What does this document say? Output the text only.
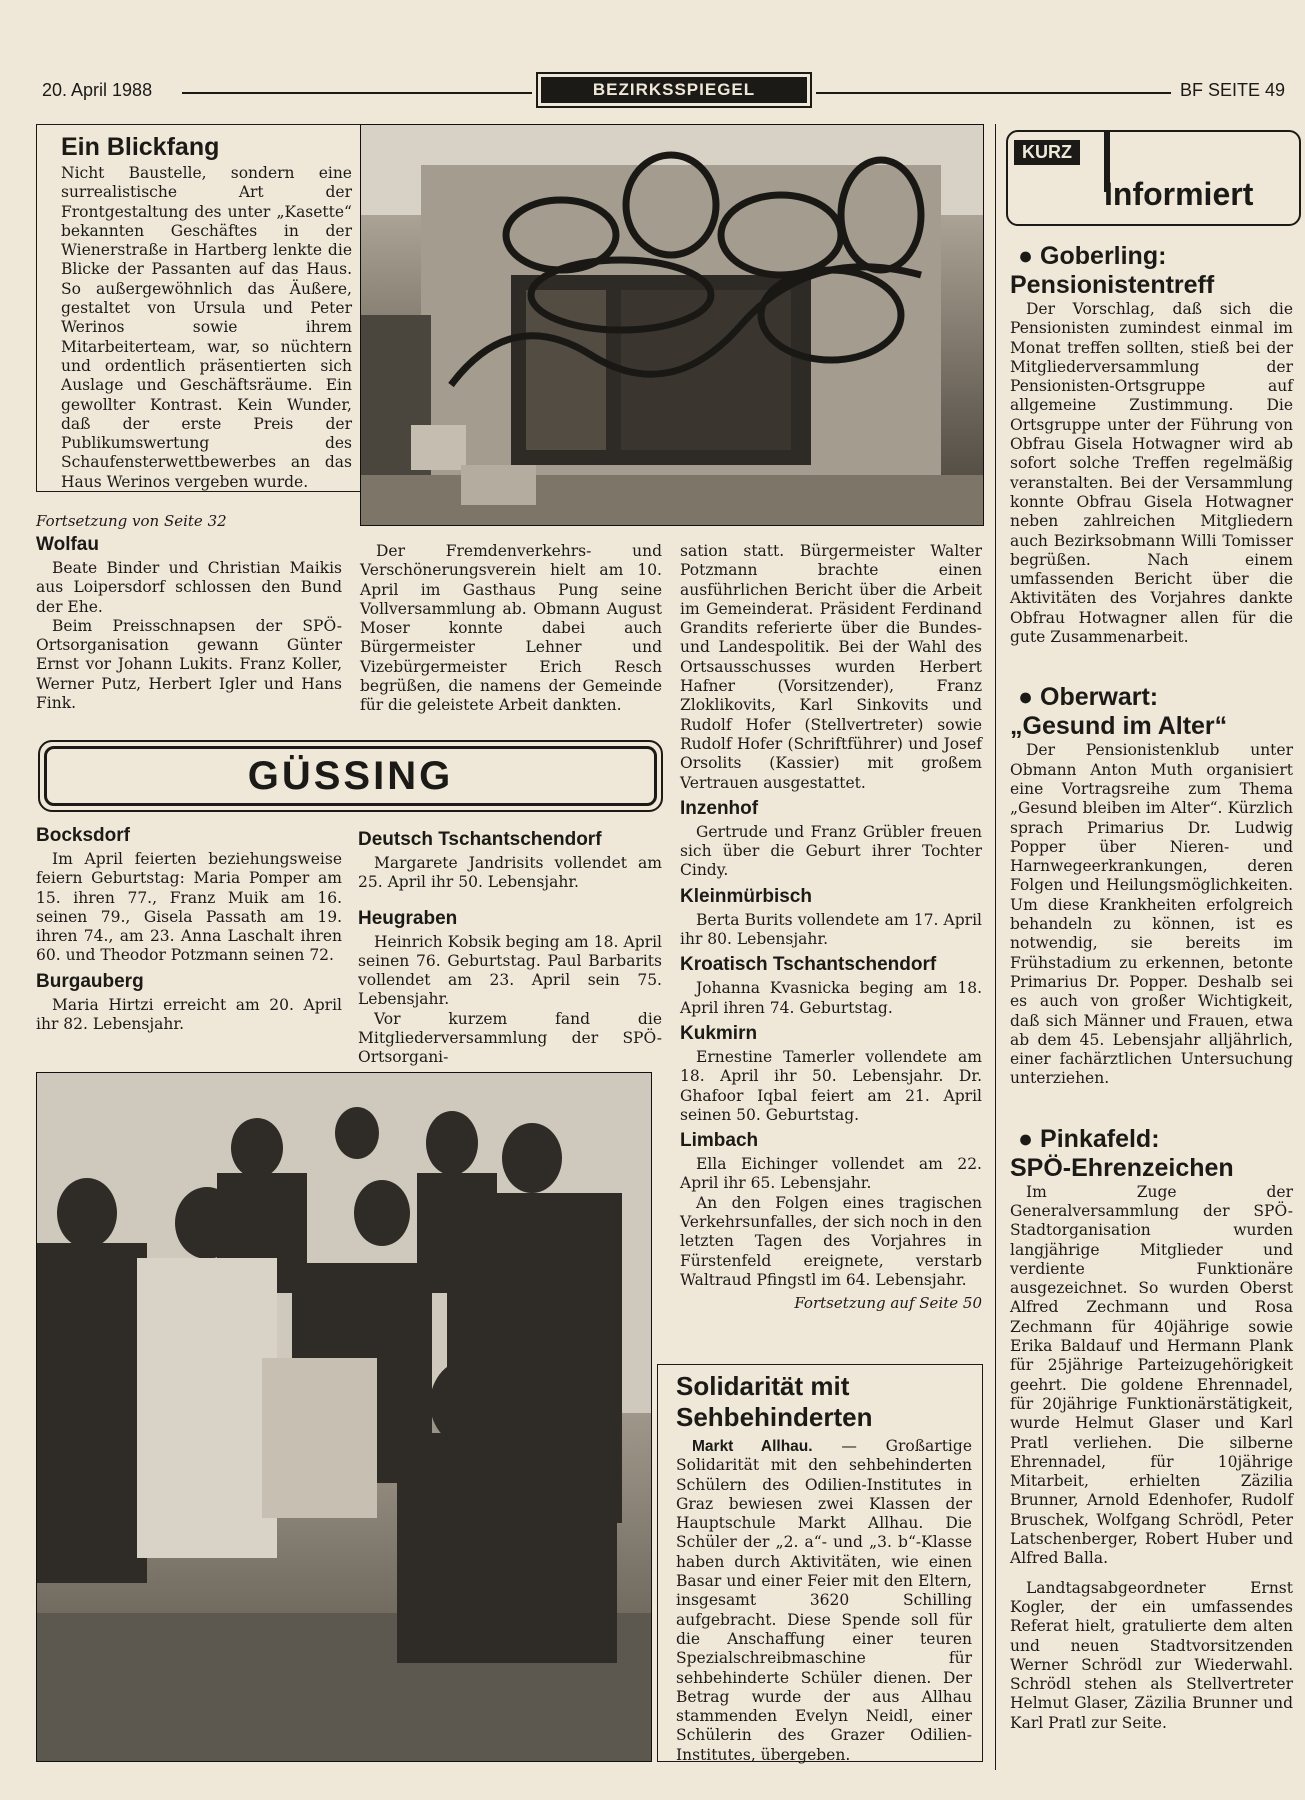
20. April 1988	BEZIRKSSPIEGEL	BF SEITE 49
Ein Blickfang
Nicht Baustelle, sondern eine surrealistische Art der Frontgestaltung des unter „Kasette“ bekannten Geschäftes in der Wienerstraße in Hartberg lenkte die Blicke der Passanten auf das Haus. So außergewöhnlich das Äußere, gestaltet von Ursula und Peter Werinos sowie ihrem Mitarbeiterteam, war, so nüchtern und ordentlich präsentierten sich Auslage und Geschäftsräume. Ein gewollter Kontrast. Kein Wunder, daß der erste Preis der Publikumswertung des Schaufensterwettbewerbes an das Haus Werinos vergeben wurde.
Fortsetzung von Seite 32
Wolfau

Beate Binder und Christian Maikis aus Loipersdorf schlossen den Bund der Ehe.

Beim Preisschnapsen der SPÖ-Ortsorganisation gewann Günter Ernst vor Johann Lukits. Franz Koller, Werner Putz, Herbert Igler und Hans Fink.

Der Fremdenverkehrs- und Verschönerungsverein hielt am 10. April im Gasthaus Pung seine Vollversammlung ab. Obmann August Moser konnte dabei auch Bürgermeister Lehner und Vizebürgermeister Erich Resch begrüßen, die namens der Gemeinde für die geleistete Arbeit dankten.

GÜSSING
Bocksdorf

Im April feierten beziehungsweise feiern Geburtstag: Maria Pomper am 15. ihren 77., Franz Muik am 16. seinen 79., Gisela Passath am 19. ihren 74., am 23. Anna Laschalt ihren 60. und Theodor Potzmann seinen 72.

Burgauberg

Maria Hirtzi erreicht am 20. April ihr 82. Lebensjahr.

Deutsch Tschantschendorf

Margarete Jandrisits vollendet am 25. April ihr 50. Lebensjahr.

Heugraben

Heinrich Kobsik beging am 18. April seinen 76. Geburtstag. Paul Barbarits vollendet am 23. April sein 75. Lebensjahr.

Vor kurzem fand die Mitgliederversammlung der SPÖ-Ortsorgani-

sation statt. Bürgermeister Walter Potzmann brachte einen ausführlichen Bericht über die Arbeit im Gemeinderat. Präsident Ferdinand Grandits referierte über die Bundes- und Landespolitik. Bei der Wahl des Ortsausschusses wurden Herbert Hafner (Vorsitzender), Franz Zloklikovits, Karl Sinkovits und Rudolf Hofer (Stellvertreter) sowie Rudolf Hofer (Schriftführer) und Josef Orsolits (Kassier) mit großem Vertrauen ausgestattet.

Inzenhof

Gertrude und Franz Grübler freuen sich über die Geburt ihrer Tochter Cindy.

Kleinmürbisch

Berta Burits vollendete am 17. April ihr 80. Lebensjahr.

Kroatisch Tschantschendorf

Johanna Kvasnicka beging am 18. April ihren 74. Geburtstag.

Kukmirn

Ernestine Tamerler vollendete am 18. April ihr 50. Lebensjahr. Dr. Ghafoor Iqbal feiert am 21. April seinen 50. Geburtstag.

Limbach

Ella Eichinger vollendet am 22. April ihr 65. Lebensjahr.

An den Folgen eines tragischen Verkehrsunfalles, der sich noch in den letzten Tagen des Vorjahres in Fürstenfeld ereignete, verstarb Waltraud Pfingstl im 64. Lebensjahr.

Fortsetzung auf Seite 50
Solidarität mit Sehbehinderten

Markt Allhau. — Großartige Solidarität mit den sehbehinderten Schülern des Odilien-Institutes in Graz bewiesen zwei Klassen der Hauptschule Markt Allhau. Die Schüler der „2. a“- und „3. b“-Klasse haben durch Aktivitäten, wie einen Basar und einer Feier mit den Eltern, insgesamt 3620 Schilling aufgebracht. Diese Spende soll für die Anschaffung einer teuren Spezialschreibmaschine für sehbehinderte Schüler dienen. Der Betrag wurde der aus Allhau stammenden Evelyn Neidl, einer Schülerin des Grazer Odilien-Institutes, übergeben.

KURZ
Informiert
● Goberling:
Pensionistentreff

Der Vorschlag, daß sich die Pensionisten zumindest einmal im Monat treffen sollten, stieß bei der Mitgliederversammlung der Pensionisten-Ortsgruppe auf allgemeine Zustimmung. Die Ortsgruppe unter der Führung von Obfrau Gisela Hotwagner wird ab sofort solche Treffen regelmäßig veranstalten. Bei der Versammlung konnte Obfrau Gisela Hotwagner neben zahlreichen Mitgliedern auch Bezirksobmann Willi Tomisser begrüßen. Nach einem umfassenden Bericht über die Aktivitäten des Vorjahres dankte Obfrau Hotwagner allen für die gute Zusammenarbeit.

● Oberwart:
„Gesund im Alter“

Der Pensionistenklub unter Obmann Anton Muth organisiert eine Vortragsreihe zum Thema „Gesund bleiben im Alter“. Kürzlich sprach Primarius Dr. Ludwig Popper über Nieren- und Harnwegeerkrankungen, deren Folgen und Heilungsmöglichkeiten. Um diese Krankheiten erfolgreich behandeln zu können, ist es notwendig, sie bereits im Frühstadium zu erkennen, betonte Primarius Dr. Popper. Deshalb sei es auch von großer Wichtigkeit, daß sich Männer und Frauen, etwa ab dem 45. Lebensjahr alljährlich, einer fachärztlichen Untersuchung unterziehen.

● Pinkafeld:
SPÖ-Ehrenzeichen

Im Zuge der Generalversammlung der SPÖ-Stadtorganisation wurden langjährige Mitglieder und verdiente Funktionäre ausgezeichnet. So wurden Oberst Alfred Zechmann und Rosa Zechmann für 40jährige sowie Erika Baldauf und Hermann Plank für 25jährige Parteizugehörigkeit geehrt. Die goldene Ehrennadel, für 20jährige Funktionärstätigkeit, wurde Helmut Glaser und Karl Pratl verliehen. Die silberne Ehrennadel, für 10jährige Mitarbeit, erhielten Zäzilia Brunner, Arnold Edenhofer, Rudolf Bruschek, Wolfgang Schrödl, Peter Latschenberger, Robert Huber und Alfred Balla.

Landtagsabgeordneter Ernst Kogler, der ein umfassendes Referat hielt, gratulierte dem alten und neuen Stadtvorsitzenden Werner Schrödl zur Wiederwahl. Schrödl stehen als Stellvertreter Helmut Glaser, Zäzilia Brunner und Karl Pratl zur Seite.
